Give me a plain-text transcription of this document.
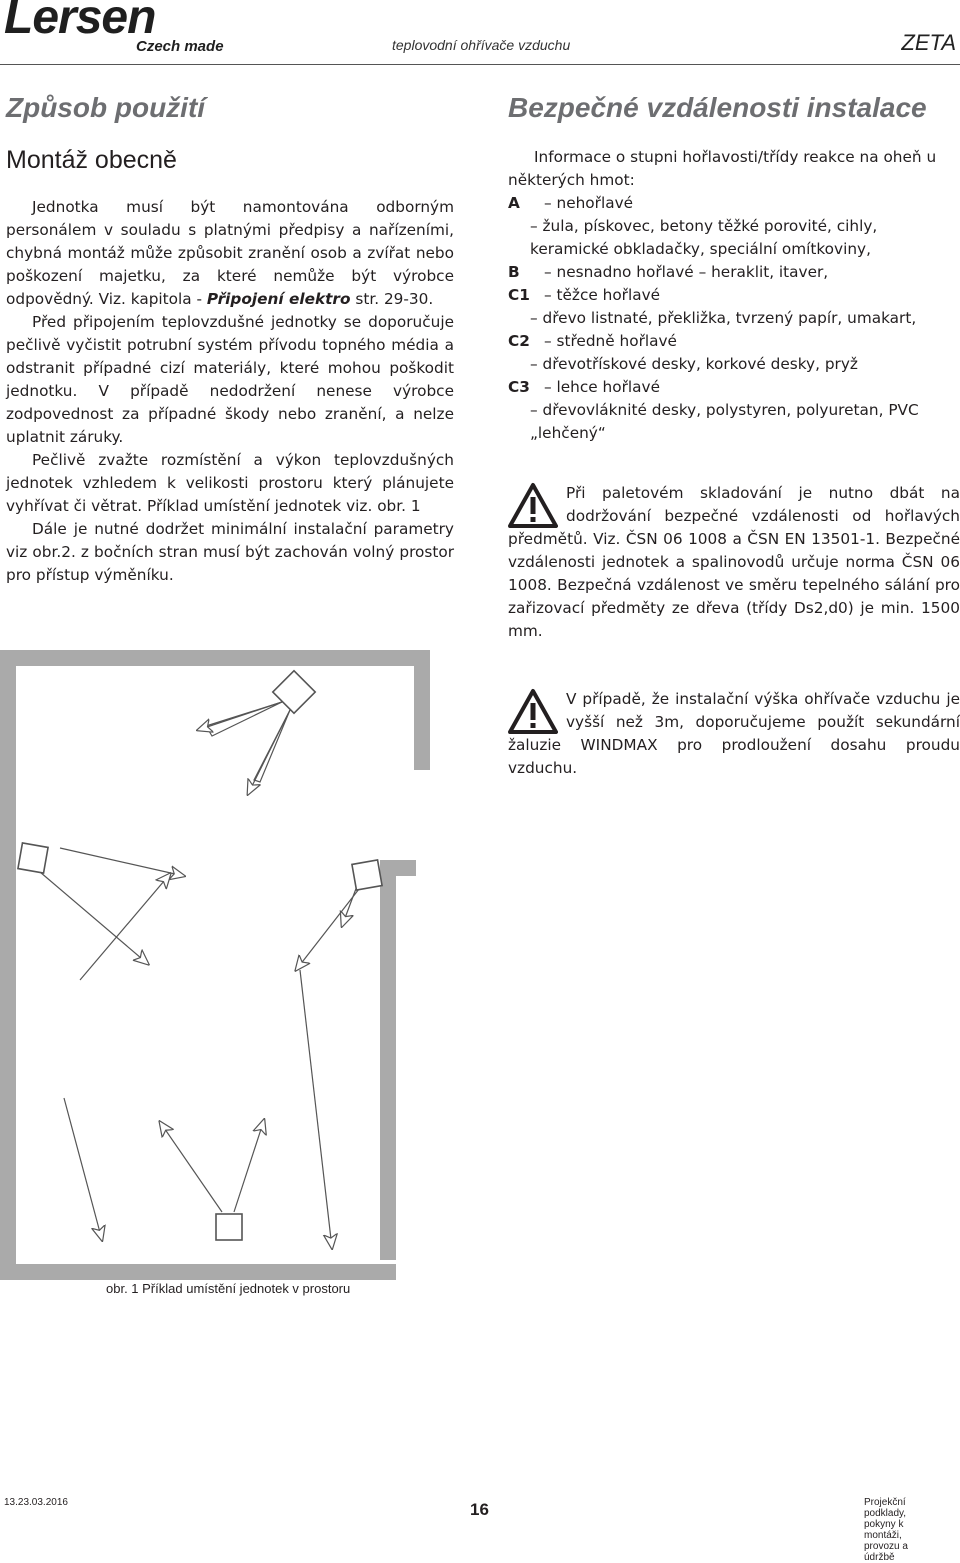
Lersen
Czech made	teplovodní ohřívače vzduchu	ZETA
Způsob použití
Montáž obecně

Jednotka musí být namontována odborným personálem v souladu s platnými předpisy a nařízeními, chybná montáž může způsobit zranění osob a zvířat nebo poškození majetku, za které nemůže být výrobce odpovědný. Viz. kapitola - Připojení elektro str. 29-30.

Před připojením teplovzdušné jednotky se doporučuje pečlivě vyčistit potrubní systém přívodu topného média a odstranit případné cizí materiály, které mohou poškodit jednotku. V případě nedodržení nenese výrobce zodpovednost za případné škody nebo zranění, a nelze uplatnit záruky.

Pečlivě zvažte rozmístění a výkon teplovzdušných jednotek vzhledem k velikosti prostoru který plánujete vyhřívat či větrat. Příklad umístění jednotek viz. obr. 1

Dále je nutné dodržet minimální instalační parametry viz obr.2. z bočních stran musí být zachován volný prostor pro přístup výměníku.

Bezpečné vzdálenosti instalace

Informace o stupni hořlavosti/třídy reakce na oheň u některých hmot:

A	– nehořlavé
– žula, pískovec, betony těžké porovité, cihly, keramické obkladačky, speciální omítkoviny,
B	– nesnadno hořlavé – heraklit, itaver,
C1 – těžce hořlavé
– dřevo listnaté, překližka, tvrzený papír, umakart,
C2 – středně hořlavé
– dřevotřískové desky, korkové desky, pryž
C3 – lehce hořlavé
– dřevovláknité desky, polystyren, polyuretan, PVC „lehčený“
Při paletovém skladování je nutno dbát na dodržování bezpečné vzdálenosti od hořlavých předmětů. Viz. ČSN 06 1008 a ČSN EN 13501-1. Bezpečné vzdálenosti jednotek a spalinovodů určuje norma ČSN 06 1008. Bezpečná vzdálenost ve směru tepelného sálání pro zařizovací předměty ze dřeva (třídy Ds2,d0) je min. 1500 mm.
V případě, že instalační výška ohřívače vzduchu je vyšší než 3m, doporučujeme použít sekundární žaluzie WINDMAX pro prodloužení dosahu proudu vzduchu.
obr. 1 Příklad umístění jednotek v prostoru
13.23.03.2016	Projekční podklady, pokyny k montáži, provozu a údržbě
16
